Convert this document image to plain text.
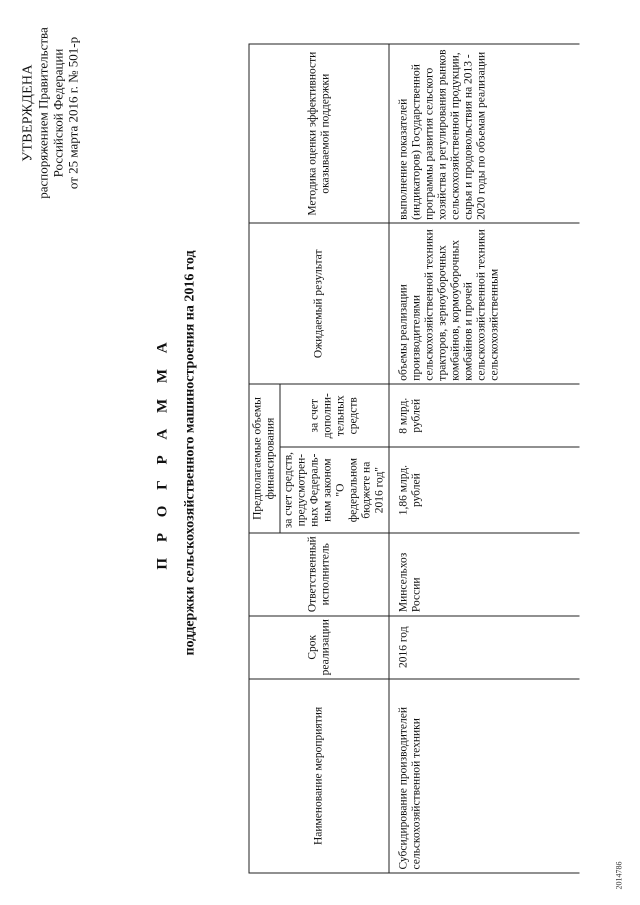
УТВЕРЖДЕНА распоряжением Правительства Российской Федерации от 25 марта 2016 г. № 501-р
П Р О Г Р А М М А поддержки сельскохозяйственного машиностроения на 2016 год
Наименование мероприятия	Срок реализации	Ответственный исполнитель	Предполагаемые объемы финансирования		Ожидаемый результат	Методика оценки эффективности оказываемой поддержки
			за счет средств, предусмотрен-ных Федераль-ным законом "О федеральном бюджете на 2016 год"	за счет дополни-тельных средств		
Субсидирование производителей сельскохозяйственной техники	2016 год	Минсельхоз России	1,86 млрд. рублей	8 млрд. рублей	объемы реализации производителями сельскохозяйственной техники тракторов, зерноуборочных комбайнов, кормоуборочных комбайнов и прочей сельскохозяйственной техники сельскохозяйственным	выполнение показателей (индикаторов) Государственной программы развития сельского хозяйства и регулирования рынков сельскохозяйственной продукции, сырья и продовольствия на 2013 - 2020 годы по объемам реализации
2014786
